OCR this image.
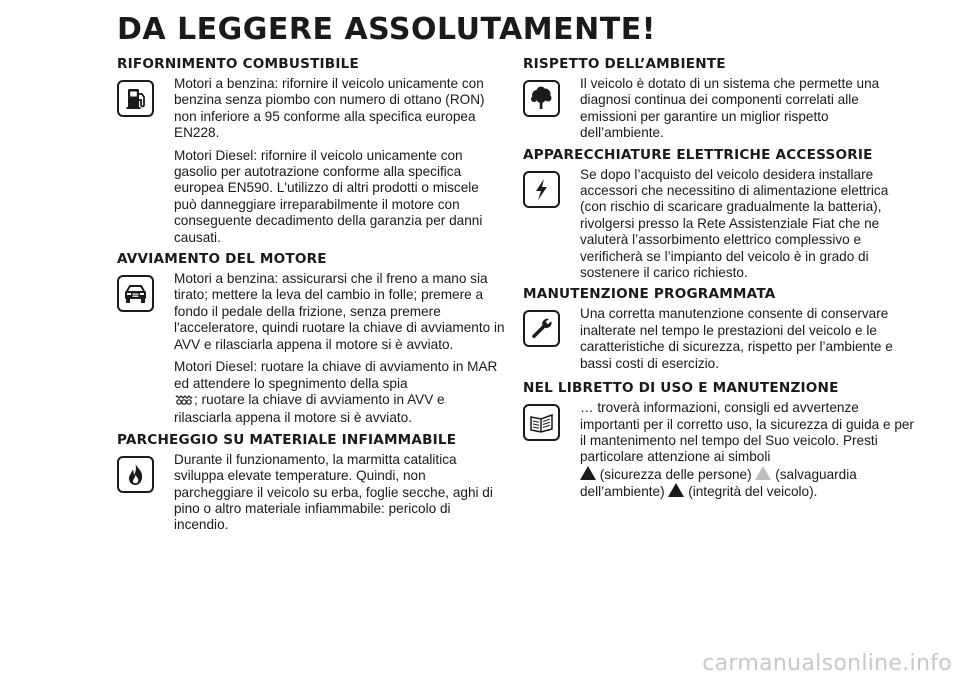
DA LEGGERE ASSOLUTAMENTE!
RIFORNIMENTO COMBUSTIBILE

Motori a benzina: rifornire il veicolo unicamente con benzina senza piombo con numero di ottano (RON) non inferiore a 95 conforme alla specifica europea EN228.

Motori Diesel: rifornire il veicolo unicamente con gasolio per autotrazione conforme alla specifica europea EN590. L'utilizzo di altri prodotti o miscele può danneggiare irreparabilmente il motore con conseguente decadimento della garanzia per danni causati.

AVVIAMENTO DEL MOTORE

Motori a benzina: assicurarsi che il freno a mano sia tirato; mettere la leva del cambio in folle; premere a fondo il pedale della frizione, senza premere l'acceleratore, quindi ruotare la chiave di avviamento in AVV e rilasciarla appena il motore si è avviato.

Motori Diesel: ruotare la chiave di avviamento in MAR ed attendere lo spegnimento della spia
; ruotare la chiave di avviamento in AVV e rilasciarla appena il motore si è avviato.

PARCHEGGIO SU MATERIALE INFIAMMABILE

Durante il funzionamento, la marmitta catalitica sviluppa elevate temperature. Quindi, non parcheggiare il veicolo su erba, foglie secche, aghi di pino o altro materiale infiammabile: pericolo di incendio.

RISPETTO DELL’AMBIENTE

Il veicolo è dotato di un sistema che permette una diagnosi continua dei componenti correlati alle emissioni per garantire un miglior rispetto dell’ambiente.

APPARECCHIATURE ELETTRICHE ACCESSORIE

Se dopo l’acquisto del veicolo desidera installare accessori che necessitino di alimentazione elettrica (con rischio di scaricare gradualmente la batteria), rivolgersi presso la Rete Assistenziale Fiat che ne valuterà l’assorbimento elettrico complessivo e verificherà se l’impianto del veicolo è in grado di sostenere il carico richiesto.

MANUTENZIONE PROGRAMMATA

Una corretta manutenzione consente di conservare inalterate nel tempo le prestazioni del veicolo e le caratteristiche di sicurezza, rispetto per l’ambiente e bassi costi di esercizio.

NEL LIBRETTO DI USO E MANUTENZIONE

… troverà informazioni, consigli ed avvertenze importanti per il corretto uso, la sicurezza di guida e per il mantenimento nel tempo del Suo veicolo. Presti particolare attenzione ai simboli
(sicurezza delle persone) (salvaguardia dell’ambiente) (integrità del veicolo).

carmanualsonline.info
